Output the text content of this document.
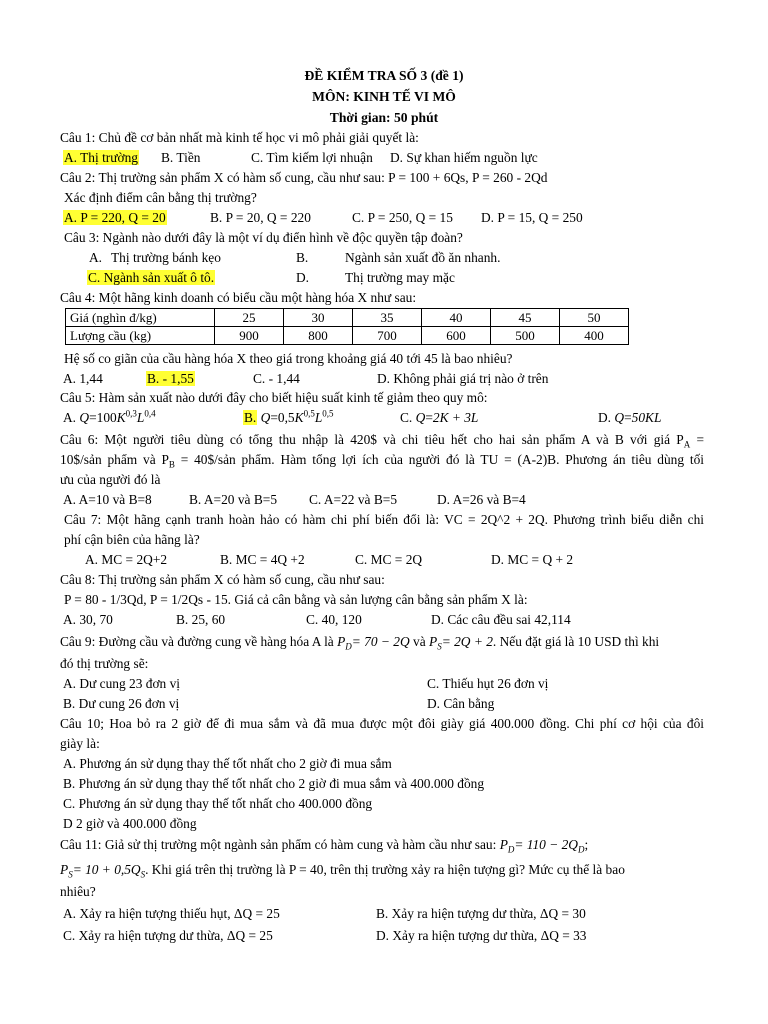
ĐỀ KIỂM TRA SỐ 3 (đề 1)
MÔN: KINH TẾ VI MÔ
Thời gian: 50 phút
Câu 1: Chủ đề cơ bản nhất mà kinh tế học vi mô phải giải quyết là:
A. Thị trường B. Tiền	C. Tìm kiếm lợi nhuận D. Sự khan hiếm nguồn lực
Câu 2: Thị trường sản phẩm X có hàm số cung, cầu như sau: P = 100 + 6Qs, P = 260 - 2Qd
Xác định điểm cân bằng thị trường?
A. P = 220, Q = 20	B. P = 20, Q = 220	C. P = 250, Q = 15 D. P = 15, Q = 250
Câu 3: Ngành nào dưới đây là một ví dụ điển hình về độc quyền tập đoàn?
A. Thị trường bánh kẹo	B.	Ngành sản xuất đồ ăn nhanh.
C. Ngành sản xuất ô tô.	D.	Thị trường may mặc
Câu 4: Một hãng kinh doanh có biểu cầu một hàng hóa X như sau:
Giá (nghìn đ/kg)	25	30	35	40	45	50
Lượng cầu (kg)	900	800	700	600	500	400
Hệ số co giãn của cầu hàng hóa X theo giá trong khoảng giá 40 tới 45 là bao nhiêu?
A. 1,44	B. - 1,55	C. - 1,44	D. Không phải giá trị nào ở trên
Câu 5: Hàm sản xuất nào dưới đây cho biết hiệu suất kinh tế giảm theo quy mô:
A. $Q=100K^{0,3}L^{0,4}$	B. $Q=0,5K^{0,5}L^{0,5}$	C. Q=2K + 3L	D. Q=50KL
Câu 6: Một người tiêu dùng có tổng thu nhập là 420$ và chi tiêu hết cho hai sản phẩm A và B với giá $P_A$ =
10$/sản phẩm và $P_B$ = 40$/sản phẩm. Hàm tổng lợi ích của người đó là TU = (A-2)B. Phương án tiêu dùng tối
ưu của người đó là
A. A=10 và B=8	B. A=20 và B=5 C. A=22 và B=5	D. A=26 và B=4
Câu 7: Một hãng cạnh tranh hoàn hảo có hàm chi phí biến đổi là: VC = 2Q^2 + 2Q. Phương trình biểu diễn chi
phí cận biên của hãng là?
A. MC = 2Q+2	B. MC = 4Q +2	C. MC = 2Q	D. MC = Q + 2
Câu 8: Thị trường sản phẩm X có hàm số cung, cầu như sau:
P = 80 - 1/3Qd, P = 1/2Qs - 15. Giá cả cân bằng và sản lượng cân bằng sản phẩm X là:
A. 30, 70	B. 25, 60	C. 40, 120	D. Các câu đều sai 42,114
Câu 9: Đường cầu và đường cung về hàng hóa A là $P_D= 70 - 2Q$ và $P_S= 2Q + 2$. Nếu đặt giá là 10 USD thì khi
đó thị trường sẽ:
A. Dư cung 23 đơn vị	C. Thiếu hụt 26 đơn vị
B. Dư cung 26 đơn vị	D. Cân bằng
Câu 10; Hoa bỏ ra 2 giờ để đi mua sắm và đã mua được một đôi giày giá 400.000 đồng. Chi phí cơ hội của đôi
giày là:
A. Phương án sử dụng thay thế tốt nhất cho 2 giờ đi mua sắm
B. Phương án sử dụng thay thế tốt nhất cho 2 giờ đi mua sắm và 400.000 đồng
C. Phương án sử dụng thay thế tốt nhất cho 400.000 đồng
D 2 giờ và 400.000 đồng
Câu 11: Giả sử thị trường một ngành sản phẩm có hàm cung và hàm cầu như sau: $P_D= 110 - 2Q_D$;
$P_S= 10 + 0,5Q_S$. Khi giá trên thị trường là P = 40, trên thị trường xảy ra hiện tượng gì? Mức cụ thể là bao
nhiêu?
A. Xảy ra hiện tượng thiếu hụt, ΔQ = 25	B. Xảy ra hiện tượng dư thừa, ΔQ = 30
C. Xảy ra hiện tượng dư thừa, ΔQ = 25	D. Xảy ra hiện tượng dư thừa, ΔQ = 33
